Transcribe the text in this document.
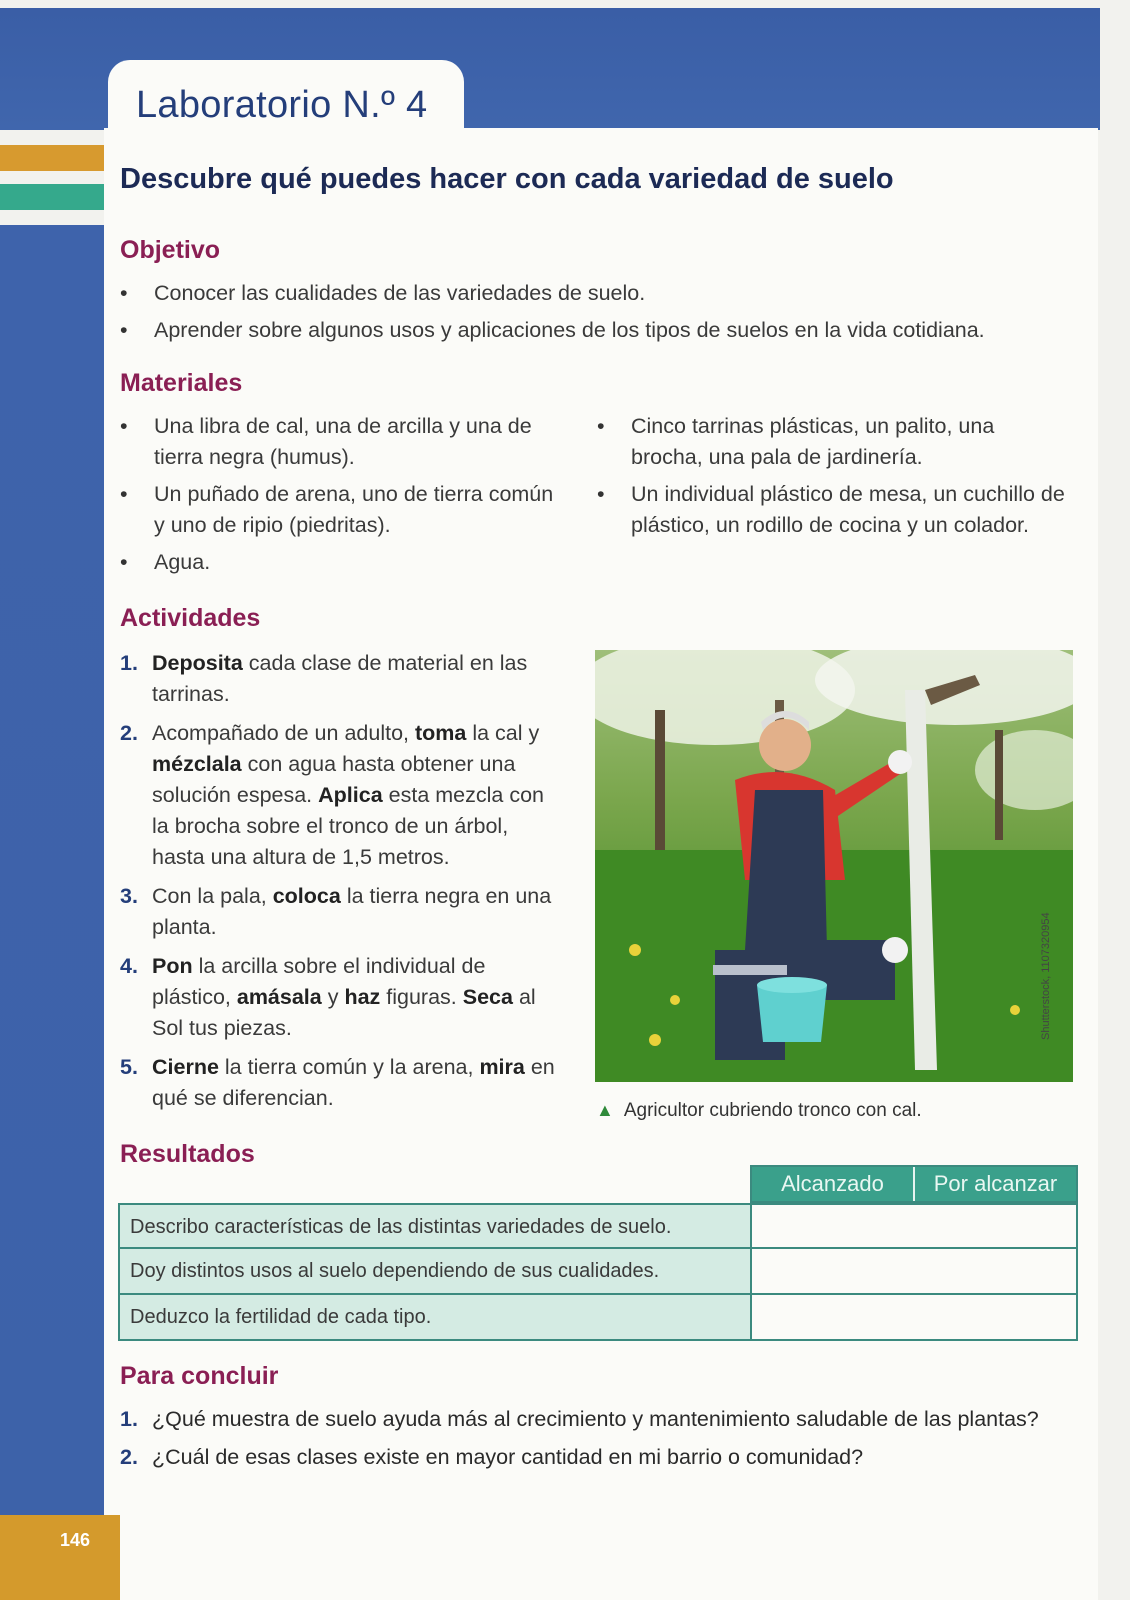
Laboratorio N.º 4
Descubre qué puedes hacer con cada variedad de suelo
Objetivo
• Conocer las cualidades de las variedades de suelo.
• Aprender sobre algunos usos y aplicaciones de los tipos de suelos en la vida cotidiana.
Materiales
• Una libra de cal, una de arcilla y una de tierra negra (humus).
• Un puñado de arena, uno de tierra común y uno de ripio (piedritas).
• Agua.
• Cinco tarrinas plásticas, un palito, una brocha, una pala de jardinería.
• Un individual plástico de mesa, un cuchillo de plástico, un rodillo de cocina y un colador.
Actividades
1. Deposita cada clase de material en las tarrinas.
2. Acompañado de un adulto, toma la cal y mézclala con agua hasta obtener una solución espesa. Aplica esta mezcla con la brocha sobre el tronco de un árbol, hasta una altura de 1,5 metros.
3. Con la pala, coloca la tierra negra en una planta.
4. Pon la arcilla sobre el individual de plástico, amásala y haz figuras. Seca al Sol tus piezas.
5. Cierne la tierra común y la arena, mira en qué se diferencian.
Shutterstock, 1107320954
▲ Agricultor cubriendo tronco con cal.
Resultados
Alcanzado	Por alcanzar
Describo características de las distintas variedades de suelo.
Doy distintos usos al suelo dependiendo de sus cualidades.
Deduzco la fertilidad de cada tipo.
Para concluir
1. ¿Qué muestra de suelo ayuda más al crecimiento y mantenimiento saludable de las plantas?
2. ¿Cuál de esas clases existe en mayor cantidad en mi barrio o comunidad?
146
